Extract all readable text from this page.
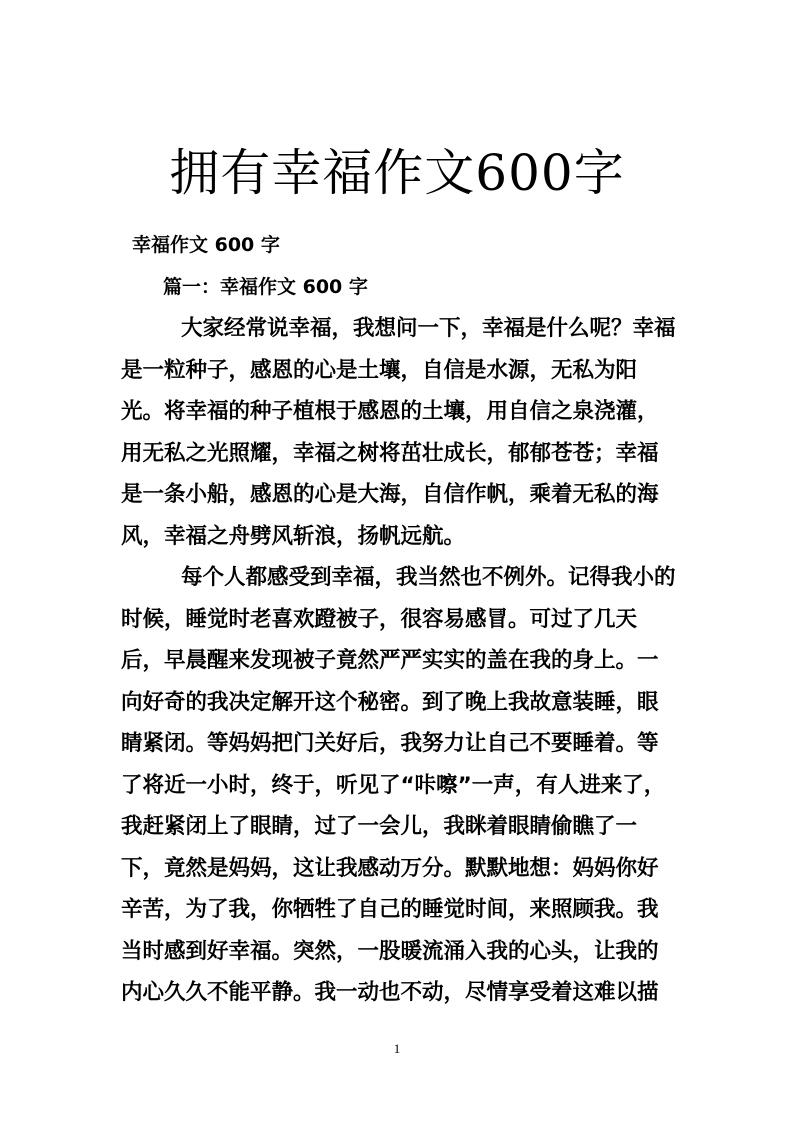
拥有幸福作文600字
幸福作文 600 字
篇一：幸福作文 600 字
大家经常说幸福，我想问一下，幸福是什么呢？幸福
是一粒种子，感恩的心是土壤，自信是水源，无私为阳
光。将幸福的种子植根于感恩的土壤，用自信之泉浇灌，
用无私之光照耀，幸福之树将茁壮成长，郁郁苍苍；幸福
是一条小船，感恩的心是大海，自信作帆，乘着无私的海
风，幸福之舟劈风斩浪，扬帆远航。
每个人都感受到幸福，我当然也不例外。记得我小的
时候，睡觉时老喜欢蹬被子，很容易感冒。可过了几天
后，早晨醒来发现被子竟然严严实实的盖在我的身上。一
向好奇的我决定解开这个秘密。到了晚上我故意装睡，眼
睛紧闭。等妈妈把门关好后，我努力让自己不要睡着。等
了将近一小时，终于，听见了“咔嚓”一声，有人进来了，
我赶紧闭上了眼睛，过了一会儿，我眯着眼睛偷瞧了一
下，竟然是妈妈，这让我感动万分。默默地想：妈妈你好
辛苦，为了我，你牺牲了自己的睡觉时间，来照顾我。我
当时感到好幸福。突然，一股暖流涌入我的心头，让我的
内心久久不能平静。我一动也不动，尽情享受着这难以描
1
